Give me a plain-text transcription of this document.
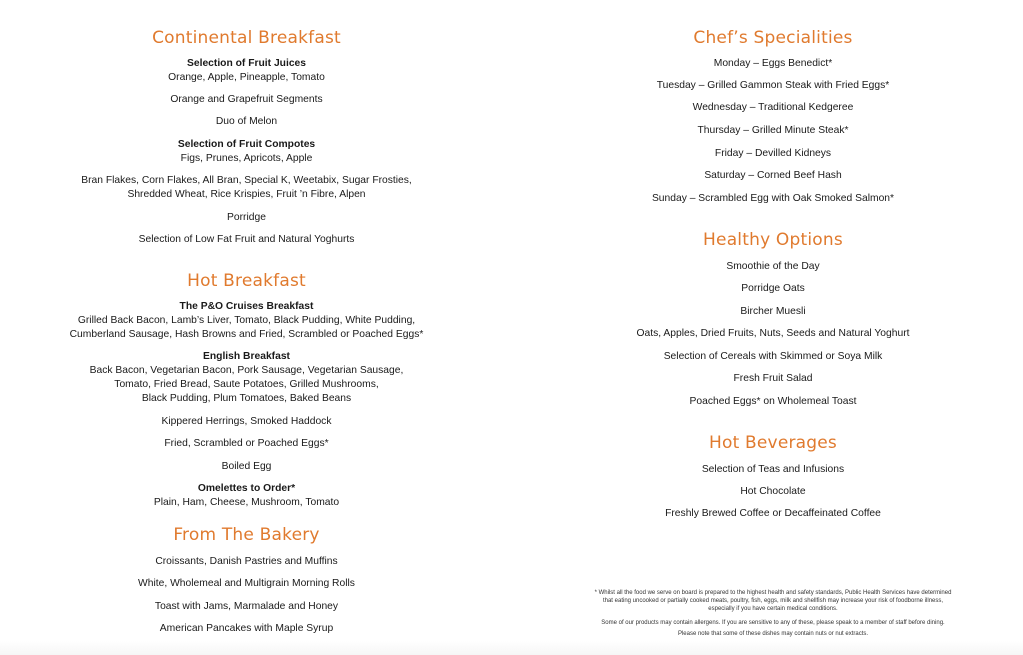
Continental Breakfast
Selection of Fruit Juices
Orange, Apple, Pineapple, Tomato
Orange and Grapefruit Segments
Duo of Melon
Selection of Fruit Compotes
Figs, Prunes, Apricots, Apple
Bran Flakes, Corn Flakes, All Bran, Special K, Weetabix, Sugar Frosties,
Shredded Wheat, Rice Krispies, Fruit ’n Fibre, Alpen
Porridge
Selection of Low Fat Fruit and Natural Yoghurts
Hot Breakfast
The P&O Cruises Breakfast
Grilled Back Bacon, Lamb’s Liver, Tomato, Black Pudding, White Pudding,
Cumberland Sausage, Hash Browns and Fried, Scrambled or Poached Eggs*
English Breakfast
Back Bacon, Vegetarian Bacon, Pork Sausage, Vegetarian Sausage,
Tomato, Fried Bread, Saute Potatoes, Grilled Mushrooms,
Black Pudding, Plum Tomatoes, Baked Beans
Kippered Herrings, Smoked Haddock
Fried, Scrambled or Poached Eggs*
Boiled Egg
Omelettes to Order*
Plain, Ham, Cheese, Mushroom, Tomato
From The Bakery
Croissants, Danish Pastries and Muffins
White, Wholemeal and Multigrain Morning Rolls
Toast with Jams, Marmalade and Honey
American Pancakes with Maple Syrup
Chef’s Specialities
Monday – Eggs Benedict*
Tuesday – Grilled Gammon Steak with Fried Eggs*
Wednesday – Traditional Kedgeree
Thursday – Grilled Minute Steak*
Friday – Devilled Kidneys
Saturday – Corned Beef Hash
Sunday – Scrambled Egg with Oak Smoked Salmon*
Healthy Options
Smoothie of the Day
Porridge Oats
Bircher Muesli
Oats, Apples, Dried Fruits, Nuts, Seeds and Natural Yoghurt
Selection of Cereals with Skimmed or Soya Milk
Fresh Fruit Salad
Poached Eggs* on Wholemeal Toast
Hot Beverages
Selection of Teas and Infusions
Hot Chocolate
Freshly Brewed Coffee or Decaffeinated Coffee
* Whilst all the food we serve on board is prepared to the highest health and safety standards, Public Health Services have determined
that eating uncooked or partially cooked meats, poultry, fish, eggs, milk and shellfish may increase your risk of foodborne illness,
especially if you have certain medical conditions.
Some of our products may contain allergens. If you are sensitive to any of these, please speak to a member of staff before dining.
Please note that some of these dishes may contain nuts or nut extracts.
